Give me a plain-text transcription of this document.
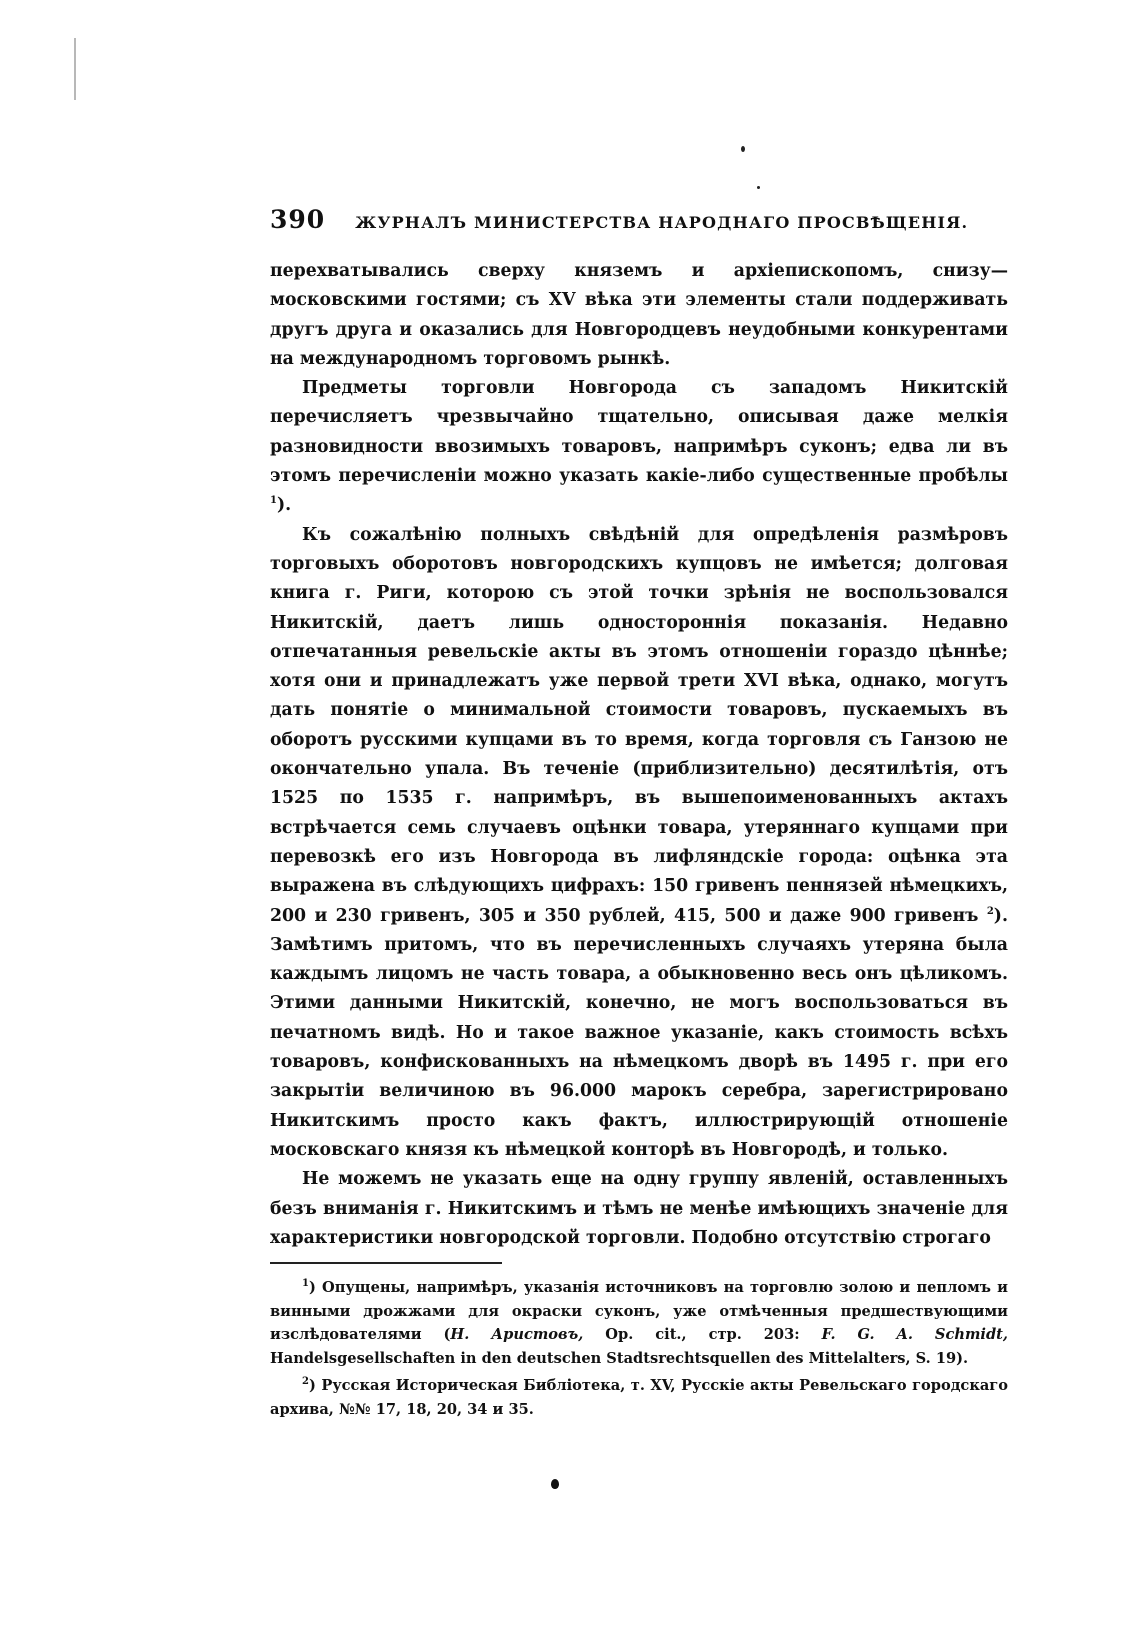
390 ЖУРНАЛЪ МИНИСТЕРСТВА НАРОДНАГО ПРОСВѢЩЕНІЯ.

перехватывались сверху княземъ и архіепископомъ, снизу—московскими гостями; съ XV вѣка эти элементы стали поддерживать другъ друга и оказались для Новгородцевъ неудобными конкурентами на международномъ торговомъ рынкѣ.

Предметы торговли Новгорода съ западомъ Никитскій перечисляетъ чрезвычайно тщательно, описывая даже мелкія разновидности ввозимыхъ товаровъ, напримѣръ суконъ; едва ли въ этомъ перечисленіи можно указать какіе-либо существенные пробѣлы $^1$).

Къ сожалѣнію полныхъ свѣдѣній для опредѣленія размѣровъ торговыхъ оборотовъ новгородскихъ купцовъ не имѣется; долговая книга г. Риги, которою съ этой точки зрѣнія не воспользовался Никитскій, даетъ лишь одностороннія показанія. Недавно отпечатанныя ревельскіе акты въ этомъ отношеніи гораздо цѣннѣе; хотя они и принадлежатъ уже первой трети XVI вѣка, однако, могутъ дать понятіе о минимальной стоимости товаровъ, пускаемыхъ въ оборотъ русскими купцами въ то время, когда торговля съ Ганзою не окончательно упала. Въ теченіе (приблизительно) десятилѣтія, отъ 1525 по 1535 г. напримѣръ, въ вышепоименованныхъ актахъ встрѣчается семь случаевъ оцѣнки товара, утеряннаго купцами при перевозкѣ его изъ Новгорода въ лифляндскіе города: оцѣнка эта выражена въ слѣдующихъ цифрахъ: 150 гривенъ пеннязей нѣмецкихъ, 200 и 230 гривенъ, 305 и 350 рублей, 415, 500 и даже 900 гривенъ $^2$). Замѣтимъ притомъ, что въ перечисленныхъ случаяхъ утеряна была каждымъ лицомъ не часть товара, а обыкновенно весь онъ цѣликомъ. Этими данными Никитскій, конечно, не могъ воспользоваться въ печатномъ видѣ. Но и такое важное указаніе, какъ стоимость всѣхъ товаровъ, конфискованныхъ на нѣмецкомъ дворѣ въ 1495 г. при его закрытіи величиною въ 96.000 марокъ серебра, зарегистрировано Никитскимъ просто какъ фактъ, иллюстрирующій отношеніе московскаго князя къ нѣмецкой конторѣ въ Новгородѣ, и только.

Не можемъ не указать еще на одну группу явленій, оставленныхъ безъ вниманія г. Никитскимъ и тѣмъ не менѣе имѣющихъ значеніе для характеристики новгородской торговли. Подобно отсутствію строгаго

$^1$) Опущены, напримѣръ, указанія источниковъ на торговлю золою и пепломъ и винными дрожжами для окраски суконъ, уже отмѣченныя предшествующими изслѣдователями (Н. Аристовъ, Op. cit., стр. 203: F. G. A. Schmidt, Handelsgesellschaften in den deutschen Stadtsrechtsquellen des Mittelalters, S. 19).

$^2$) Русская Историческая Библіотека, т. XV, Русскіе акты Ревельскаго городскаго архива, №№ 17, 18, 20, 34 и 35.
